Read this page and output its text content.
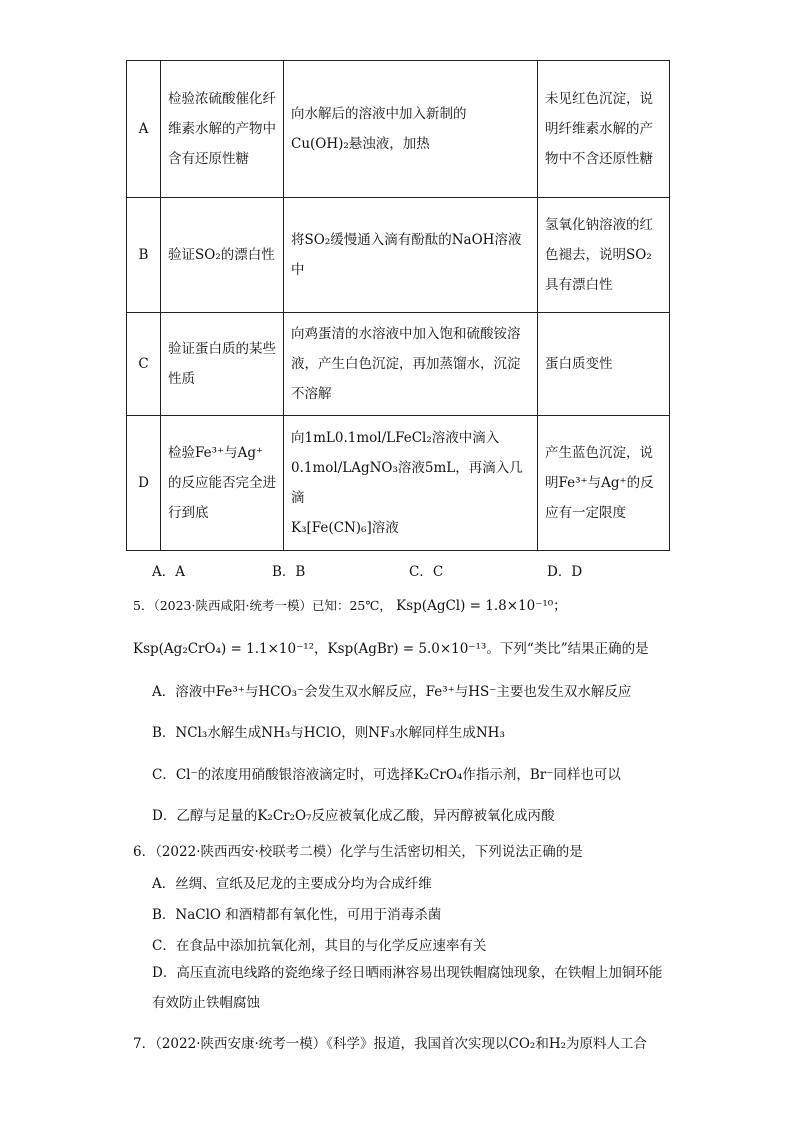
A	检验浓硫酸催化纤维素水解的产物中含有还原性糖	向水解后的溶液中加入新制的
Cu(OH)₂悬浊液，加热	未见红色沉淀，说明纤维素水解的产物中不含还原性糖
B	验证SO₂的漂白性	将SO₂缓慢通入滴有酚酞的NaOH溶液中	氢氧化钠溶液的红色褪去，说明SO₂具有漂白性
C	验证蛋白质的某些性质	向鸡蛋清的水溶液中加入饱和硫酸铵溶液，产生白色沉淀，再加蒸馏水，沉淀不溶解	蛋白质变性
D	检验Fe³⁺与Ag⁺的反应能否完全进行到底	向1mL0.1mol/LFeCl₂溶液中滴入
0.1mol/LAgNO₃溶液5mL，再滴入几滴
K₃[Fe(CN)₆]溶液	产生蓝色沉淀，说明Fe³⁺与Ag⁺的反应有一定限度
A．A	B．B	C．C	D．D
5．（2023·陕西咸阳·统考一模）已知：25℃， Ksp(AgCl) = 1.8×10⁻¹⁰；
Ksp(Ag₂CrO₄) = 1.1×10⁻¹²，Ksp(AgBr) = 5.0×10⁻¹³。下列“类比”结果正确的是
A．溶液中Fe³⁺与HCO₃⁻会发生双水解反应，Fe³⁺与HS⁻主要也发生双水解反应
B．NCl₃水解生成NH₃与HClO，则NF₃水解同样生成NH₃
C．Cl⁻的浓度用硝酸银溶液滴定时，可选择K₂CrO₄作指示剂，Br⁻同样也可以
D．乙醇与足量的K₂Cr₂O₇反应被氧化成乙酸，异丙醇被氧化成丙酸
6．（2022·陕西西安·校联考二模）化学与生活密切相关，下列说法正确的是
A．丝绸、宣纸及尼龙的主要成分均为合成纤维
B．NaClO 和酒精都有氧化性，可用于消毒杀菌
C．在食品中添加抗氧化剂，其目的与化学反应速率有关
D．高压直流电线路的瓷绝缘子经日晒雨淋容易出现铁帽腐蚀现象，在铁帽上加铜环能有效防止铁帽腐蚀
7．（2022·陕西安康·统考一模）《科学》报道，我国首次实现以CO₂和H₂为原料人工合
